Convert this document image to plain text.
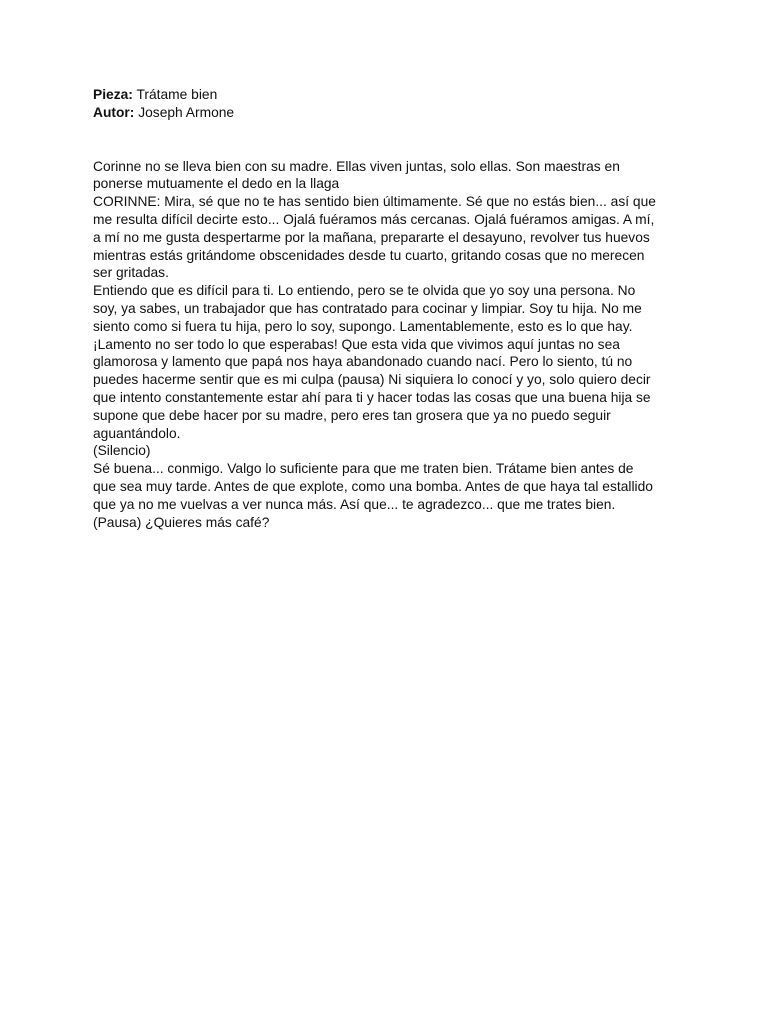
Pieza: Trátame bien

Autor: Joseph Armone

Corinne no se lleva bien con su madre. Ellas viven juntas, solo ellas. Son maestras en
ponerse mutuamente el dedo en la llaga
CORINNE: Mira, sé que no te has sentido bien últimamente. Sé que no estás bien... así que
me resulta difícil decirte esto... Ojalá fuéramos más cercanas. Ojalá fuéramos amigas. A mí,
a mí no me gusta despertarme por la mañana, prepararte el desayuno, revolver tus huevos
mientras estás gritándome obscenidades desde tu cuarto, gritando cosas que no merecen
ser gritadas.
Entiendo que es difícil para ti. Lo entiendo, pero se te olvida que yo soy una persona. No
soy, ya sabes, un trabajador que has contratado para cocinar y limpiar. Soy tu hija. No me
siento como si fuera tu hija, pero lo soy, supongo. Lamentablemente, esto es lo que hay.
¡Lamento no ser todo lo que esperabas! Que esta vida que vivimos aquí juntas no sea
glamorosa y lamento que papá nos haya abandonado cuando nací. Pero lo siento, tú no
puedes hacerme sentir que es mi culpa (pausa) Ni siquiera lo conocí y yo, solo quiero decir
que intento constantemente estar ahí para ti y hacer todas las cosas que una buena hija se
supone que debe hacer por su madre, pero eres tan grosera que ya no puedo seguir
aguantándolo.
(Silencio)
Sé buena... conmigo. Valgo lo suficiente para que me traten bien. Trátame bien antes de
que sea muy tarde. Antes de que explote, como una bomba. Antes de que haya tal estallido
que ya no me vuelvas a ver nunca más. Así que... te agradezco... que me trates bien.
(Pausa) ¿Quieres más café?
